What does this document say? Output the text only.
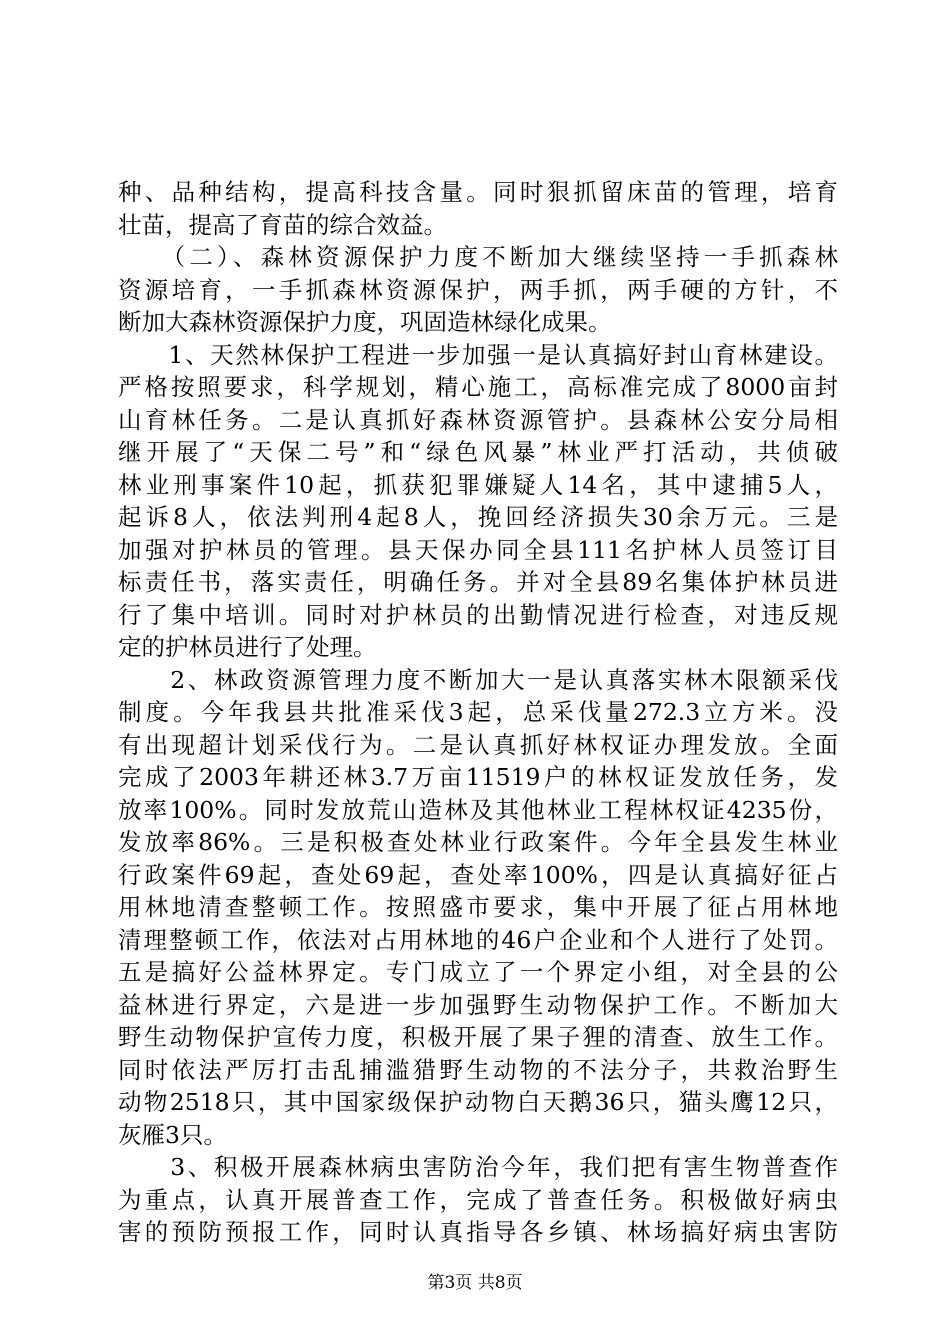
种、品种结构，提高科技含量。同时狠抓留床苗的管理，培育
壮苗，提高了育苗的综合效益。
　　（二）、森林资源保护力度不断加大继续坚持一手抓森林
资源培育，一手抓森林资源保护，两手抓，两手硬的方针，不
断加大森林资源保护力度，巩固造林绿化成果。
　　1、天然林保护工程进一步加强一是认真搞好封山育林建设。
严格按照要求，科学规划，精心施工，高标准完成了8000亩封
山育林任务。二是认真抓好森林资源管护。县森林公安分局相
继开展了“天保二号”和“绿色风暴”林业严打活动，共侦破
林业刑事案件10起，抓获犯罪嫌疑人14名，其中逮捕5人，
起诉8人，依法判刑4起8人，挽回经济损失30余万元。三是
加强对护林员的管理。县天保办同全县111名护林人员签订目
标责任书，落实责任，明确任务。并对全县89名集体护林员进
行了集中培训。同时对护林员的出勤情况进行检查，对违反规
定的护林员进行了处理。
　　2、林政资源管理力度不断加大一是认真落实林木限额采伐
制度。今年我县共批准采伐3起，总采伐量272.3立方米。没
有出现超计划采伐行为。二是认真抓好林权证办理发放。全面
完成了2003年耕还林3.7万亩11519户的林权证发放任务，发
放率100%。同时发放荒山造林及其他林业工程林权证4235份，
发放率86%。三是积极查处林业行政案件。今年全县发生林业
行政案件69起，查处69起，查处率100%，四是认真搞好征占
用林地清查整顿工作。按照盛市要求，集中开展了征占用林地
清理整顿工作，依法对占用林地的46户企业和个人进行了处罚。
五是搞好公益林界定。专门成立了一个界定小组，对全县的公
益林进行界定，六是进一步加强野生动物保护工作。不断加大
野生动物保护宣传力度，积极开展了果子狸的清查、放生工作。
同时依法严厉打击乱捕滥猎野生动物的不法分子，共救治野生
动物2518只，其中国家级保护动物白天鹅36只，猫头鹰12只，
灰雁3只。
　　3、积极开展森林病虫害防治今年，我们把有害生物普查作
为重点，认真开展普查工作，完成了普查任务。积极做好病虫
害的预防预报工作，同时认真指导各乡镇、林场搞好病虫害防
第3页 共8页
